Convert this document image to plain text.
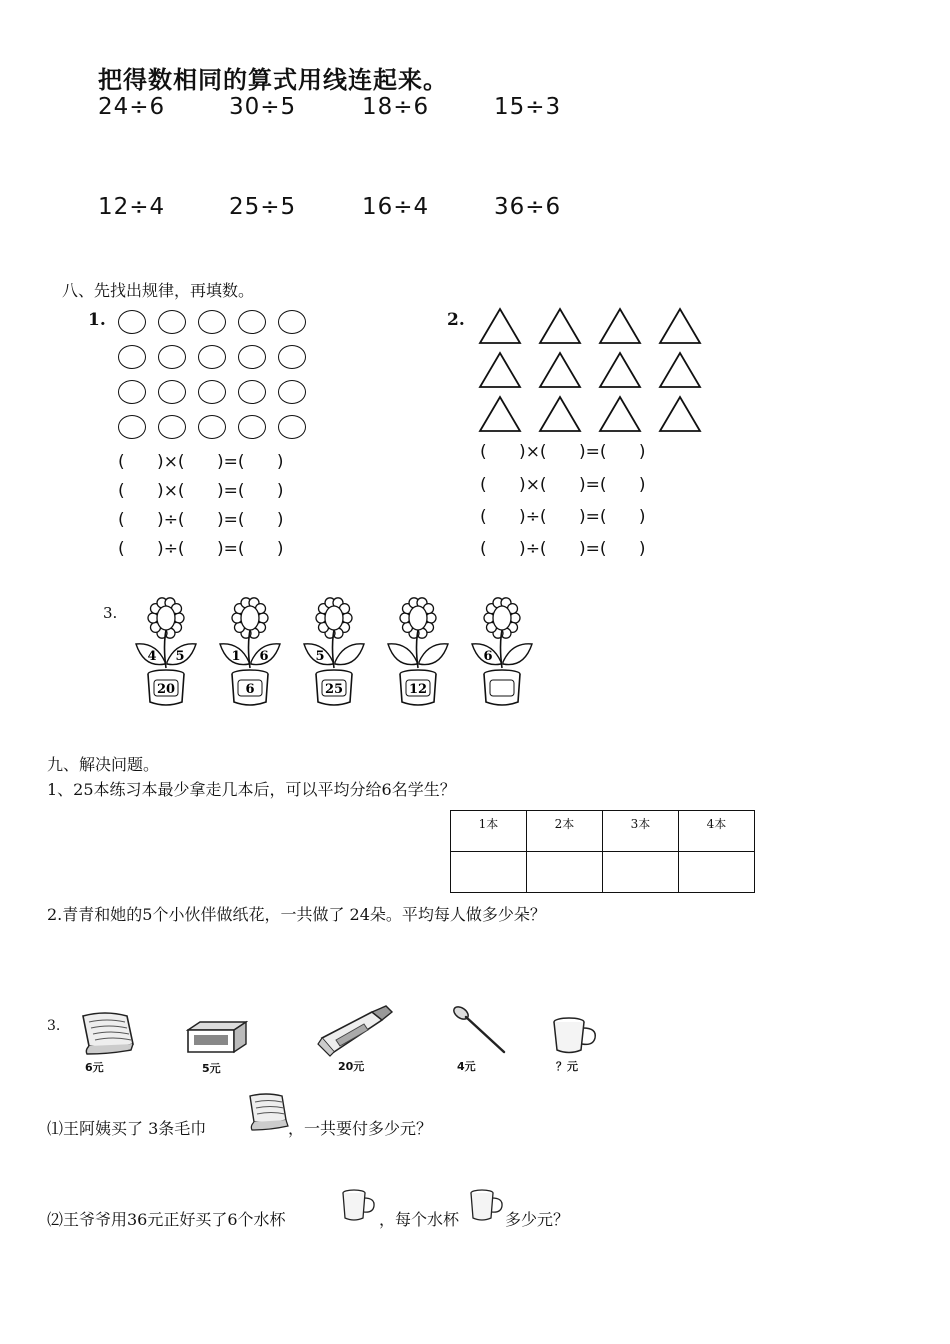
把得数相同的算式用线连起来。
24÷6	30÷5	18÷6	15÷3
12÷4	25÷5	16÷4	36÷6
八、先找出规律，再填数。
1.
(      )×(      )=(      )
(      )×(      )=(      )
(      )÷(      )=(      )
(      )÷(      )=(      )
2.
(      )×(      )=(      )
(      )×(      )=(      )
(      )÷(      )=(      )
(      )÷(      )=(      )
3.
4 5
20
1 6
6
5
25	12
6
九、解决问题。
1、25本练习本最少拿走几本后，可以平均分给6名学生？
1本	2本	3本	4本

2.青青和她的5个小伙伴做纸花，一共做了 24朵。平均每人做多少朵？
3.
6元	5元	20元	4元	？元
⑴王阿姨买了 3条毛巾	，一共要付多少元？
⑵王爷爷用36元正好买了6个水杯	，每个水杯	多少元？
